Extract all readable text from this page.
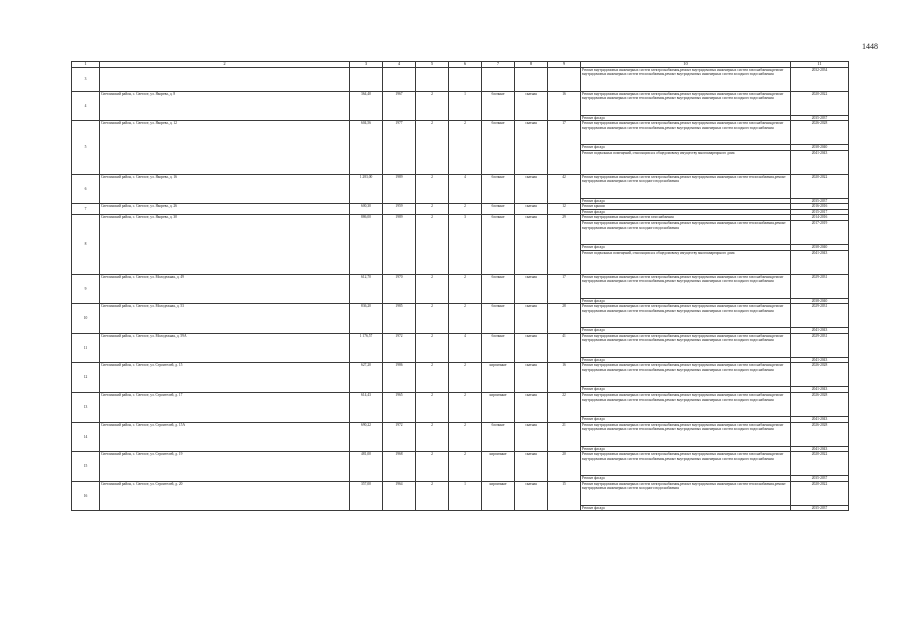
1448
1	2	3	4	5	6	7	8	9	10	11
3									Ремонт внутридомовых инженерных систем электроснабжения,ремонт внутридомовых инженерных систем газоснабжения,ремонт внутридомовых инженерных систем теплоснабжения,ремонт внутридомовых инженерных систем холодного водоснабжения	2032-2034
4	Светлинский район, с. Светлое, ул. Якорева, д. 8	364,40	1967	2	1	блочные	скатная	16	Ремонт внутридомовых инженерных систем электроснабжения,ремонт внутридомовых инженерных систем газоснабжения,ремонт внутридомовых инженерных систем теплоснабжения,ремонт внутридомовых инженерных систем холодного водоснабжения	2020-2022
									Ремонт фасада	2035-2037
5	Светлинский район, с. Светлое, ул. Якорева, д. 12	604,56	1977	2	2	блочные	скатная	17	Ремонт внутридомовых инженерных систем электроснабжения,ремонт внутридомовых инженерных систем газоснабжения,ремонт внутридомовых инженерных систем теплоснабжения,ремонт внутридомовых инженерных систем холодного водоснабжения	2026-2028
									Ремонт фасада	2038-2040
									Ремонт подвальных помещений, относящихся к общедомовому имуществу многоквартирного дома	2041-2043
6	Светлинский район, с. Светлое, ул. Якорева, д. 16	1 283,00	1989	2	4	блочные	скатная	42	Ремонт внутридомовых инженерных систем электроснабжения,ремонт внутридомовых инженерных систем теплоснабжения,ремонт внутридомовых инженерных систем холодного водоснабжения	2020-2022
									Ремонт фасада	2035-2037
7	Светлинский район, с. Светлое, ул. Якорева, д. 26	600,30	1959	2	2	блочные	скатная	12	Ремонт крыши	2016-2016
									Ремонт фасада	2015-2017
8	Светлинский район, с. Светлое, ул. Якорева, д. 30	886,00	1989	2	3	блочные	скатная	29	Ремонт внутридомовых инженерных систем газоснабжения	2014-2016
									Ремонт внутридомовых инженерных систем электроснабжения,ремонт внутридомовых инженерных систем теплоснабжения,ремонт внутридомовых инженерных систем холодного водоснабжения	2017-2019
									Ремонт фасада	2038-2040
									Ремонт подвальных помещений, относящихся к общедомовому имуществу многоквартирного дома	2041-2043
9	Светлинский район, с. Светлое, ул. Молодежная, д. 49	612,70	1970	2	2	блочные	скатная	17	Ремонт внутридомовых инженерных систем электроснабжения,ремонт внутридомовых инженерных систем газоснабжения,ремонт внутридомовых инженерных систем теплоснабжения,ремонт внутридомовых инженерных систем холодного водоснабжения	2029-2031
									Ремонт фасада	2038-2040
10	Светлинский район, с. Светлое, ул. Молодежная, д. 53	836,20	1985	2	2	блочные	скатная	28	Ремонт внутридомовых инженерных систем электроснабжения,ремонт внутридомовых инженерных систем газоснабжения,ремонт внутридомовых инженерных систем теплоснабжения,ремонт внутридомовых инженерных систем холодного водоснабжения	2029-2031
									Ремонт фасада	2041-2043
11	Светлинский район, с. Светлое, ул. Молодежная, д. 59А	1 176,57	1972	2	4	блочные	скатная	41	Ремонт внутридомовых инженерных систем электроснабжения,ремонт внутридомовых инженерных систем газоснабжения,ремонт внутридомовых инженерных систем теплоснабжения,ремонт внутридомовых инженерных систем холодного водоснабжения	2029-2031
									Ремонт фасада	2041-2043
12	Светлинский район, с. Светлое, ул. Строителей, д. 15	627,20	1986	2	2	кирпичные	скатная	16	Ремонт внутридомовых инженерных систем электроснабжения,ремонт внутридомовых инженерных систем газоснабжения,ремонт внутридомовых инженерных систем теплоснабжения,ремонт внутридомовых инженерных систем холодного водоснабжения	2026-2028
									Ремонт фасада	2041-2043
13	Светлинский район, с. Светлое, ул. Строителей, д. 17	614,43	1965	2	2	кирпичные	скатная	22	Ремонт внутридомовых инженерных систем электроснабжения,ремонт внутридомовых инженерных систем газоснабжения,ремонт внутридомовых инженерных систем теплоснабжения,ремонт внутридомовых инженерных систем холодного водоснабжения	2026-2028
									Ремонт фасада	2041-2043
14	Светлинский район, с. Светлое, ул. Строителей, д. 15А	690,22	1972	2	2	блочные	скатная	21	Ремонт внутридомовых инженерных систем электроснабжения,ремонт внутридомовых инженерных систем газоснабжения,ремонт внутридомовых инженерных систем теплоснабжения,ремонт внутридомовых инженерных систем холодного водоснабжения	2026-2028
									Ремонт фасада	2041-2043
15	Светлинский район, с. Светлое, ул. Строителей, д. 19	481,00	1968	2	2	кирпичные	скатная	20	Ремонт внутридомовых инженерных систем электроснабжения,ремонт внутридомовых инженерных систем газоснабжения,ремонт внутридомовых инженерных систем теплоснабжения,ремонт внутридомовых инженерных систем холодного водоснабжения	2020-2022
									Ремонт фасада	2035-2037
16	Светлинский район, с. Светлое, ул. Строителей, д. 20	357,00	1964	2	1	кирпичные	скатная	15	Ремонт внутридомовых инженерных систем электроснабжения,ремонт внутридомовых инженерных систем теплоснабжения,ремонт внутридомовых инженерных систем холодного водоснабжения	2020-2022
									Ремонт фасада	2035-2037
